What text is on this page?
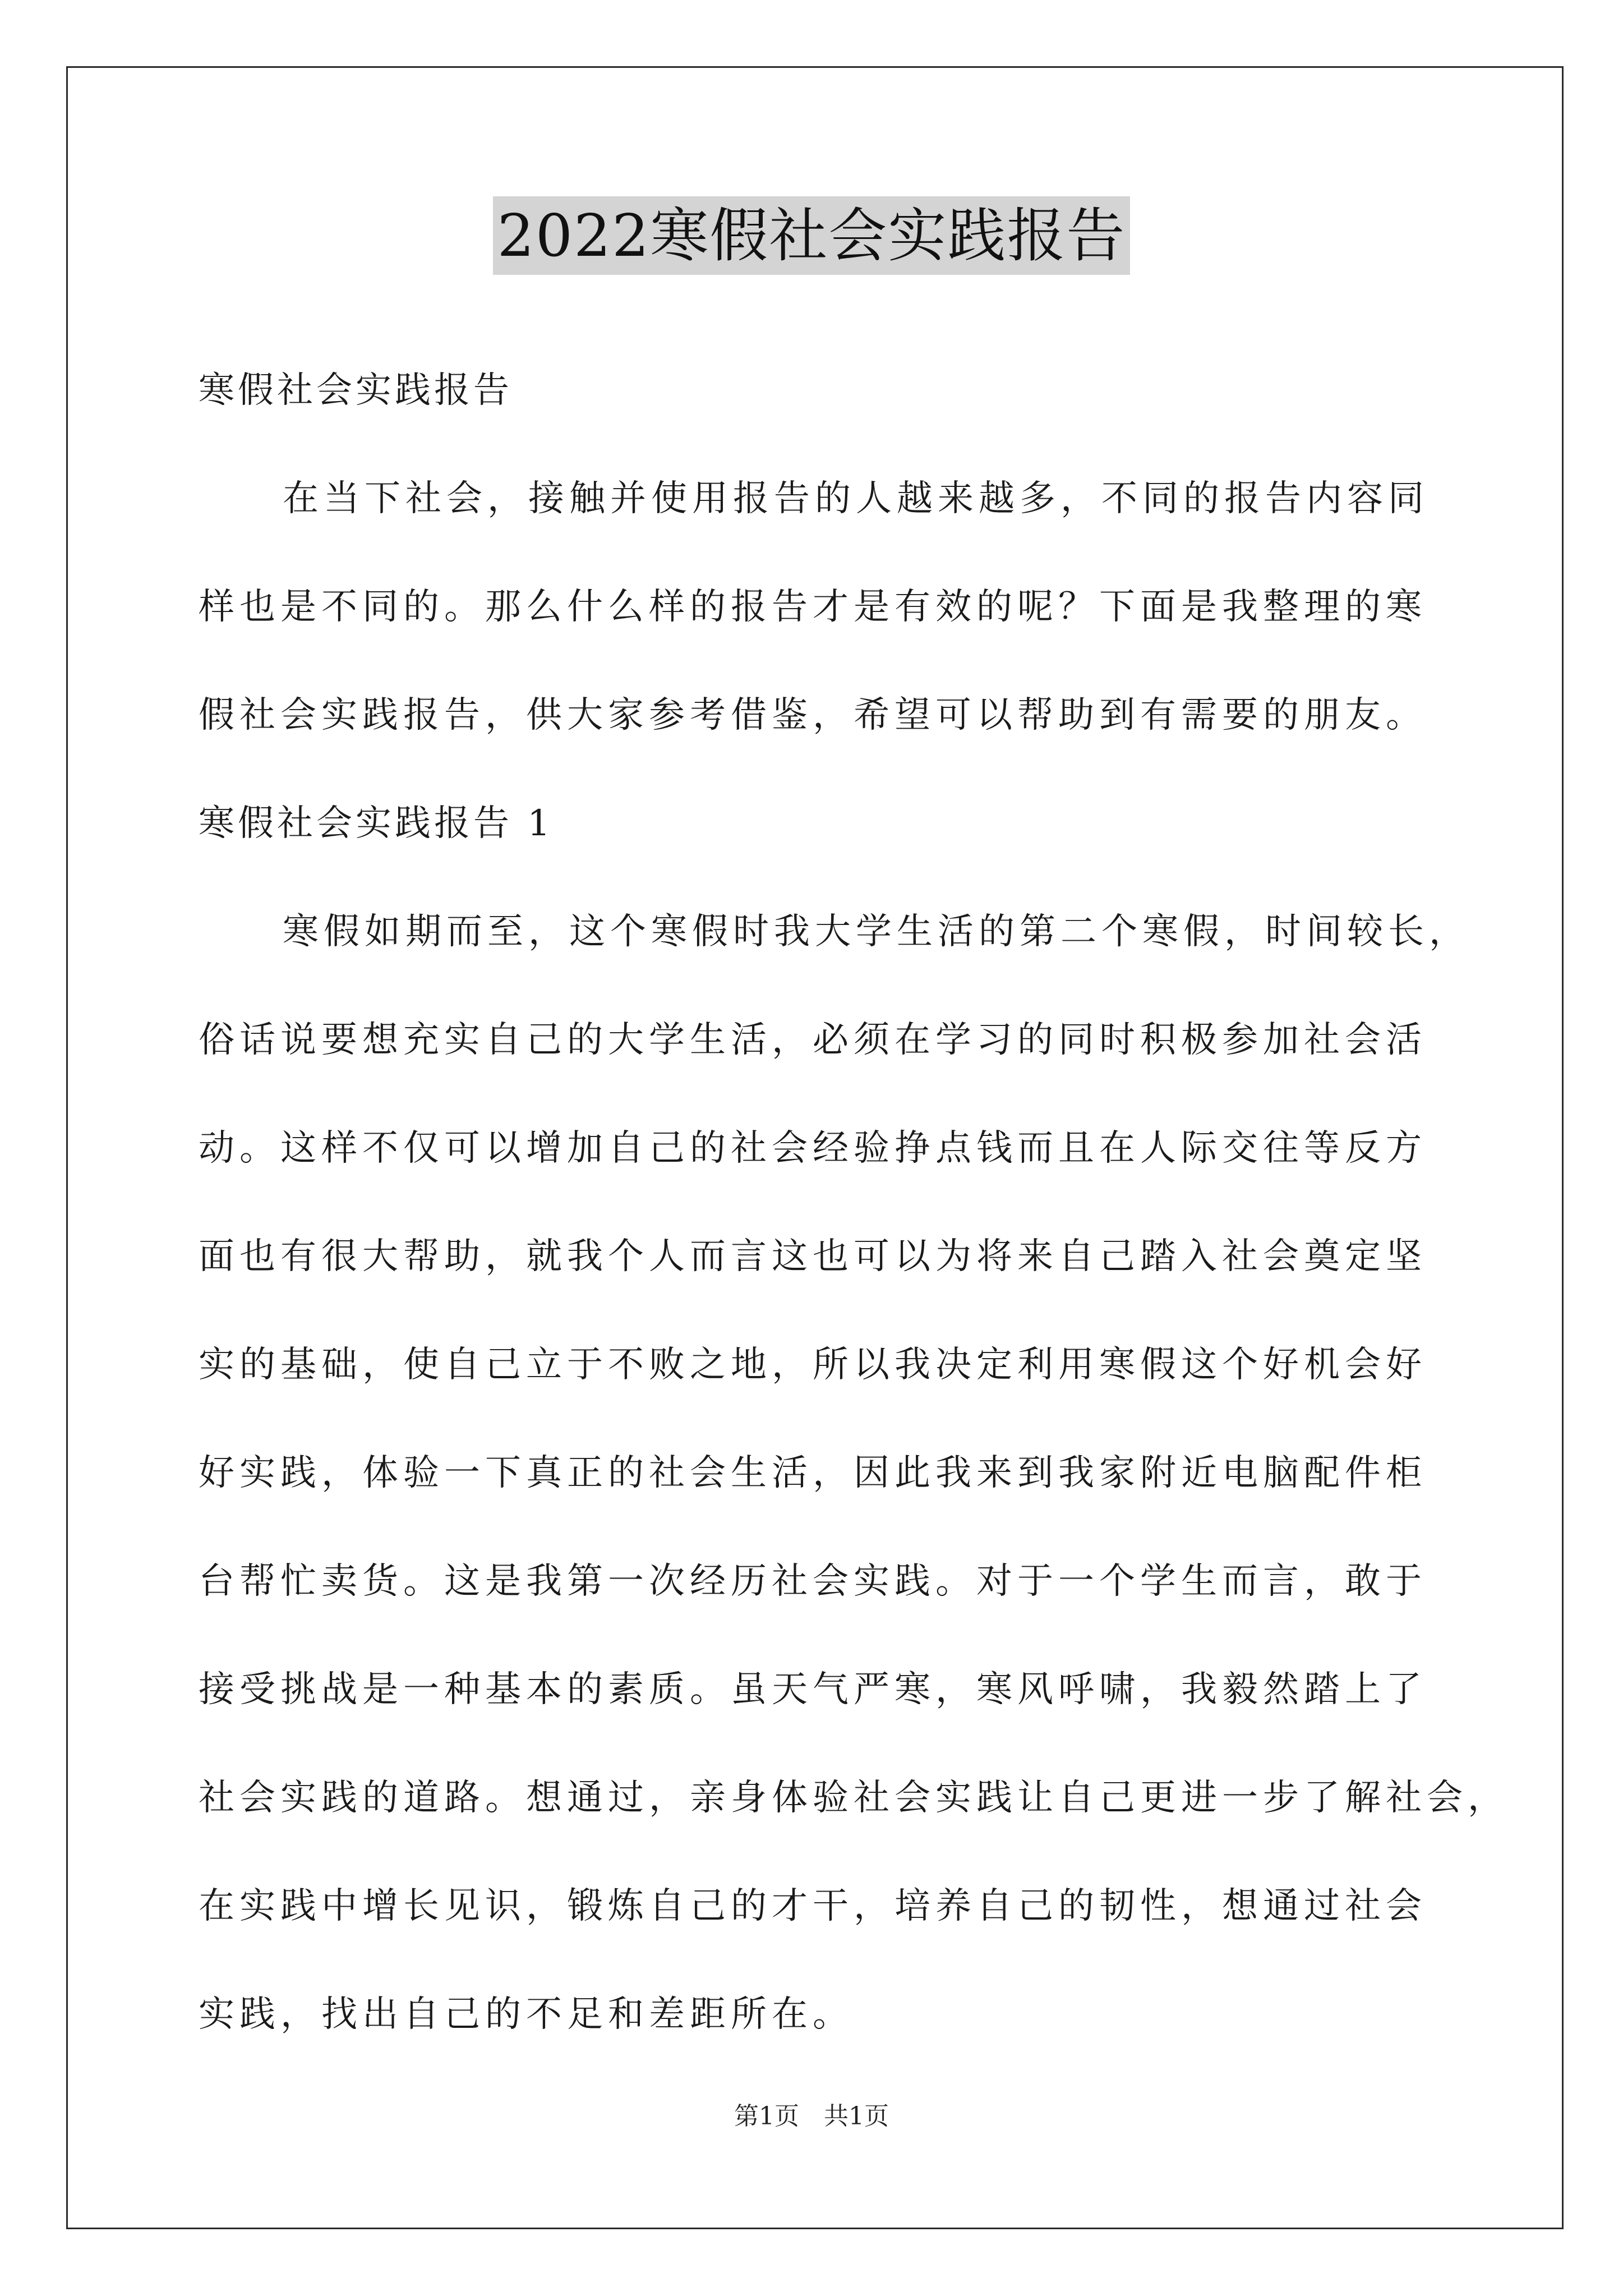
2022寒假社会实践报告
寒假社会实践报告
在当下社会，接触并使用报告的人越来越多，不同的报告内容同
样也是不同的。那么什么样的报告才是有效的呢？下面是我整理的寒
假社会实践报告，供大家参考借鉴，希望可以帮助到有需要的朋友。
寒假社会实践报告 1
寒假如期而至，这个寒假时我大学生活的第二个寒假，时间较长，
俗话说要想充实自己的大学生活，必须在学习的同时积极参加社会活
动。这样不仅可以增加自己的社会经验挣点钱而且在人际交往等反方
面也有很大帮助，就我个人而言这也可以为将来自己踏入社会奠定坚
实的基础，使自己立于不败之地，所以我决定利用寒假这个好机会好
好实践，体验一下真正的社会生活，因此我来到我家附近电脑配件柜
台帮忙卖货。这是我第一次经历社会实践。对于一个学生而言，敢于
接受挑战是一种基本的素质。虽天气严寒，寒风呼啸，我毅然踏上了
社会实践的道路。想通过，亲身体验社会实践让自己更进一步了解社会，
在实践中增长见识，锻炼自己的才干，培养自己的韧性，想通过社会
实践，找出自己的不足和差距所在。
第1页　共1页
